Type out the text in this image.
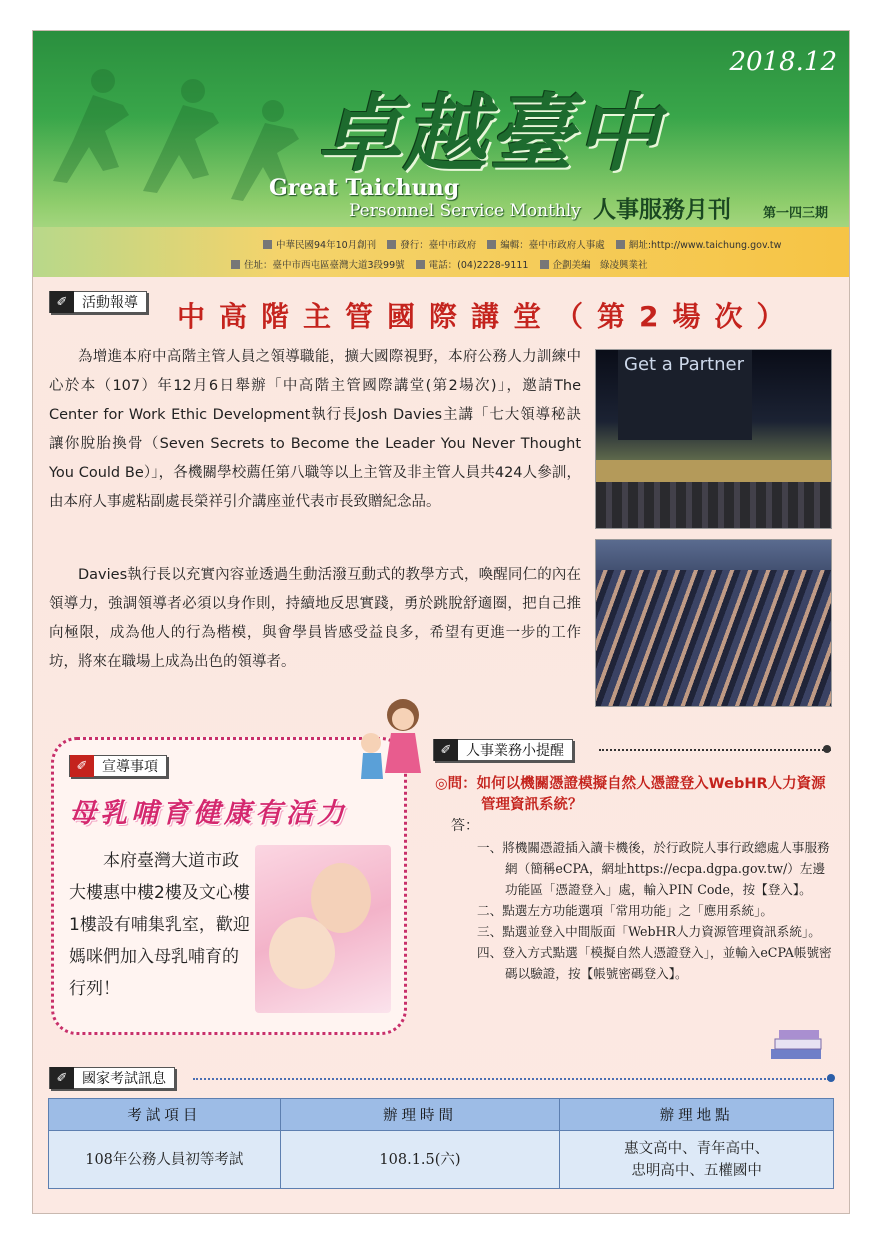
2018.12
卓越臺中
Great Taichung
Personnel Service Monthly 人事服務月刊 第一四三期
中華民國94年10月創刊	發行：臺中市政府	編輯：臺中市政府人事處	網址:http://www.taichung.gov.tw
住址：臺中市西屯區臺灣大道3段99號	電話：(04)2228-9111	企劃美編　綠凌興業社
✐	活動報導 中高階主管國際講堂（第2場次）

為增進本府中高階主管人員之領導職能，擴大國際視野，本府公務人力訓練中心於本（107）年12月6日舉辦「中高階主管國際講堂(第2場次)」，邀請The Center for Work Ethic Development執行長Josh Davies主講「七大領導秘訣 讓你脫胎換骨（Seven Secrets to Become the Leader You Never Thought You Could Be）」，各機關學校薦任第八職等以上主管及非主管人員共424人參訓，由本府人事處粘副處長榮祥引介講座並代表市長致贈紀念品。

Davies執行長以充實內容並透過生動活潑互動式的教學方式，喚醒同仁的內在領導力，強調領導者必須以身作則，持續地反思實踐，勇於跳脫舒適圈，把自己推向極限，成為他人的行為楷模，與會學員皆感受益良多，希望有更進一步的工作坊，將來在職場上成為出色的領導者。

Get a Partner
✐	宣導事項
母乳哺育健康有活力

本府臺灣大道市政大樓惠中樓2樓及文心樓1樓設有哺集乳室，歡迎媽咪們加入母乳哺育的行列！

✐	人事業務小提醒
◎問：如何以機關憑證模擬自然人憑證登入WebHR人力資源管理資訊系統？
答：
一、將機關憑證插入讀卡機後，於行政院人事行政總處人事服務網（簡稱eCPA，網址https://ecpa.dgpa.gov.tw/）左邊功能區「憑證登入」處，輸入PIN Code，按【登入】。
二、點選左方功能選項「常用功能」之「應用系統」。
三、點選並登入中間版面「WebHR人力資源管理資訊系統」。
四、登入方式點選「模擬自然人憑證登入」，並輸入eCPA帳號密碼以驗證，按【帳號密碼登入】。
✐	國家考試訊息
考試項目	辦理時間	辦理地點
108年公務人員初等考試	108.1.5(六)	惠文高中、青年高中、
忠明高中、五權國中
